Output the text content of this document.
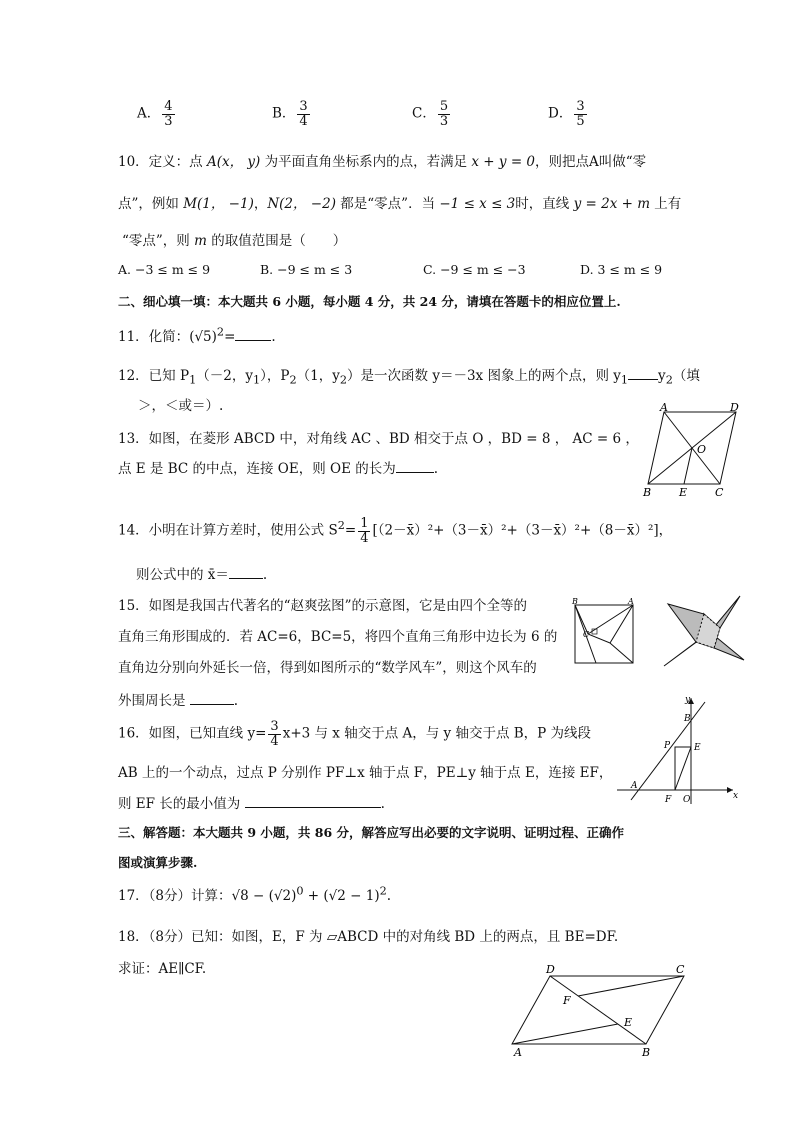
A． $\frac{4}{3}$	B． $\frac{3}{4}$	C． $\frac{5}{3}$	D． $\frac{3}{5}$
10．定义：点 A(x， y) 为平面直角坐标系内的点，若满足 x + y = 0，则把点A叫做“零
点”，例如 M(1， −1)，N(2， −2) 都是“零点”．当 −1 ≤ x ≤ 3时，直线 y = 2x + m 上有
“零点”，则 m 的取值范围是（　　）
A. −3 ≤ m ≤ 9	B. −9 ≤ m ≤ 3	C. −9 ≤ m ≤ −3	D. 3 ≤ m ≤ 9
二、细心填一填：本大题共 6 小题，每小题 4 分，共 24 分，请填在答题卡的相应位置上.
11．化简：$(√5)^2=$	.
12．已知 $P_1(-2$，$y_1$），$P_2(1$，$y_2$）是一次函数 y＝－3x 图象上的两个点，则 $y_1$ $y_2$（填
＞，＜或＝）.
13．如图，在菱形 ABCD 中，对角线 AC 、BD 相交于点 O ，BD = 8 ， AC = 6 ，
点 E 是 BC 的中点，连接 OE，则 OE 的长为	.
A	D
O
B	E	C
14．小明在计算方差时，使用公式 $S^2= \frac{1}{4}$ [（2－x̄）²+（3－x̄）²+（3－x̄）²+（8－x̄）²]，
则公式中的 x̄＝	.
15．如图是我国古代著名的“赵爽弦图”的示意图，它是由四个全等的
直角三角形围成的．若 AC=6，BC=5，将四个直角三角形中边长为 6 的
直角边分别向外延长一倍，得到如图所示的“数学风车”，则这个风车的
外围周长是	.
B	A
C
16．如图，已知直线 $y= \frac{3}{4} x+3$ 与 x 轴交于点 A，与 y 轴交于点 B，P 为线段
AB 上的一个动点，过点 P 分别作 PF⊥x 轴于点 F，PE⊥y 轴于点 E，连接 EF，
则 EF 长的最小值为	.
y
x
B
P	E
A
F O
三、解答题：本大题共 9 小题，共 86 分，解答应写出必要的文字说明、证明过程、正确作
图或演算步骤.
17．（8分）计算：$√8 - (√2)^0 + (√2 - 1)^2$.
18．（8分）已知：如图，E，F 为 ▱ABCD 中的对角线 BD 上的两点，且 BE=DF.
求证：AE∥CF.	D	C
F
E
A	B
